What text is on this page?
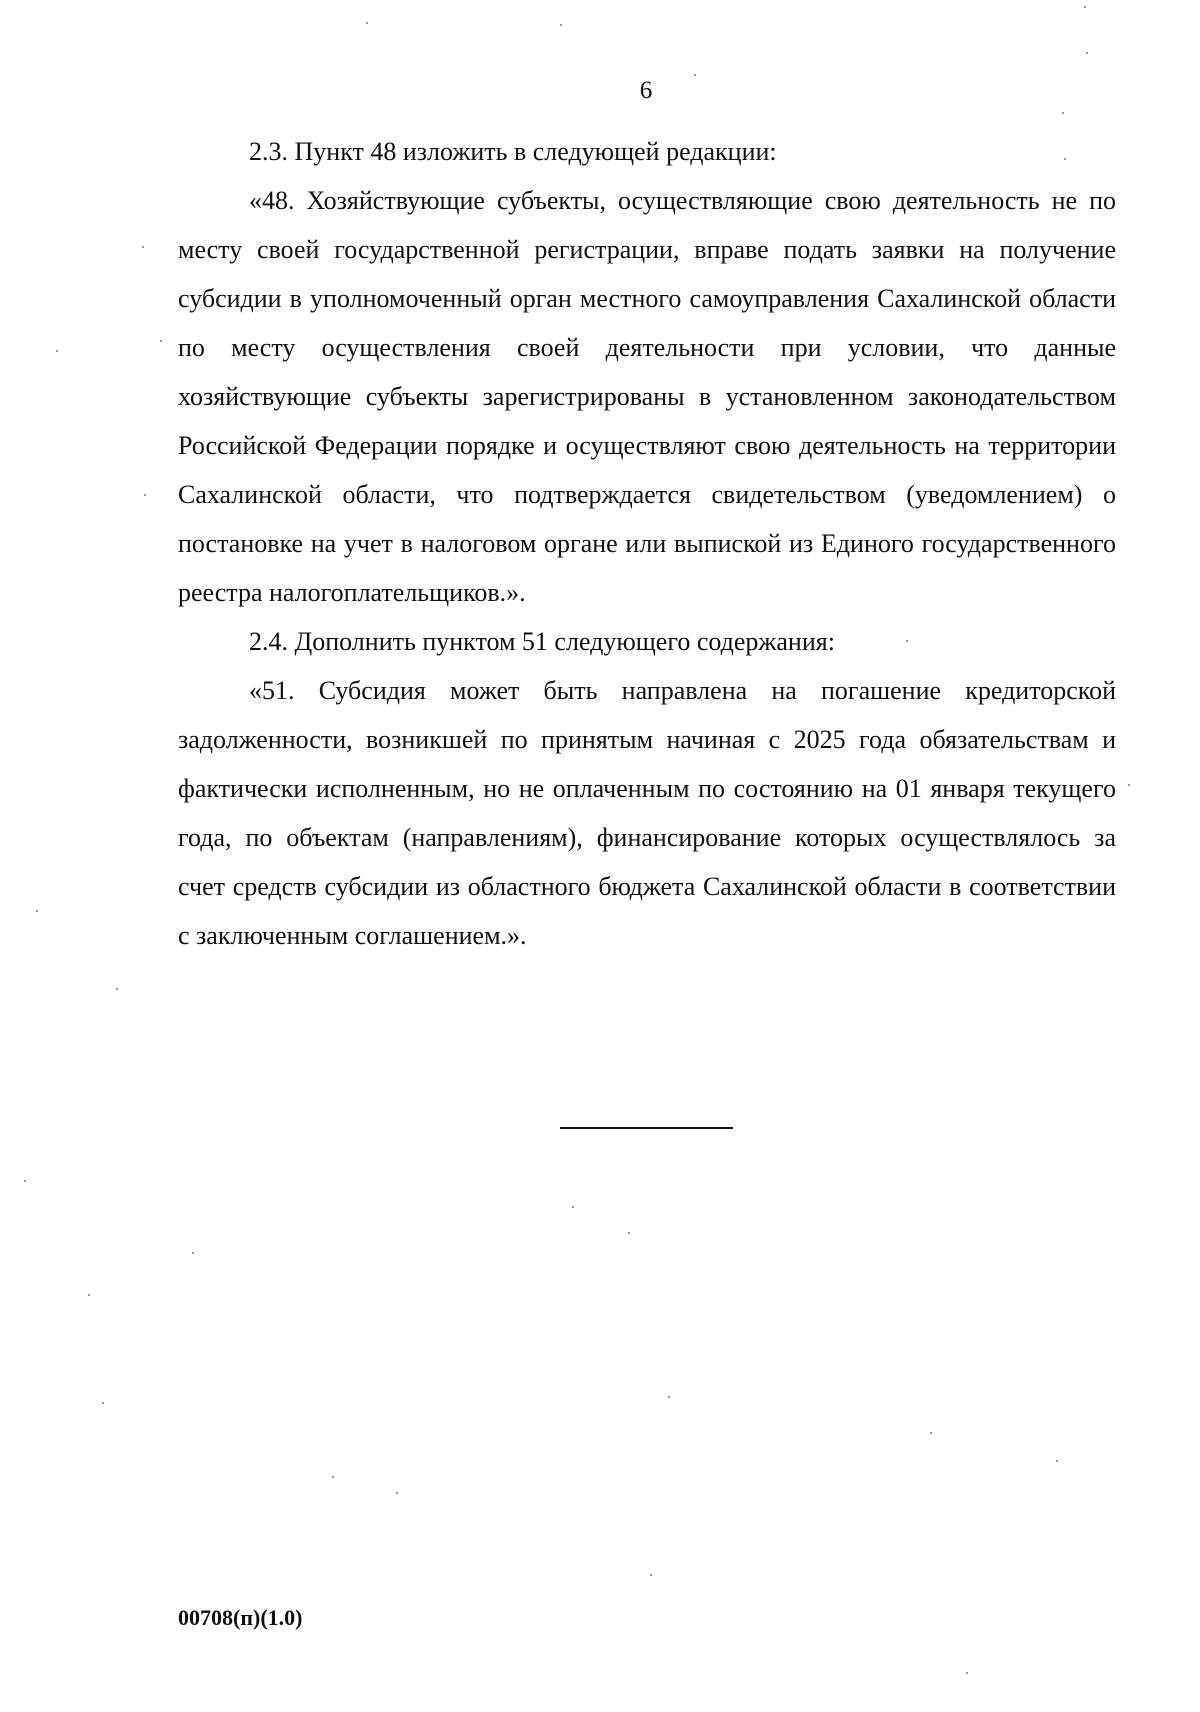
6

2.3. Пункт 48 изложить в следующей редакции:

«48. Хозяйствующие субъекты, осуществляющие свою деятельность не по месту своей государственной регистрации, вправе подать заявки на получение субсидии в уполномоченный орган местного самоуправления Сахалинской области по месту осуществления своей деятельности при условии, что данные хозяйствующие субъекты зарегистрированы в установленном законодательством Российской Федерации порядке и осуществляют свою деятельность на территории Сахалинской области, что подтверждается свидетельством (уведомлением) о постановке на учет в налоговом органе или выпиской из Единого государственного реестра налогоплательщиков.».

2.4. Дополнить пунктом 51 следующего содержания:

«51. Субсидия может быть направлена на погашение кредиторской задолженности, возникшей по принятым начиная с 2025 года обязательствам и фактически исполненным, но не оплаченным по состоянию на 01 января текущего года, по объектам (направлениям), финансирование которых осуществлялось за счет средств субсидии из областного бюджета Сахалинской области в соответствии с заключенным соглашением.».

00708(п)(1.0)
